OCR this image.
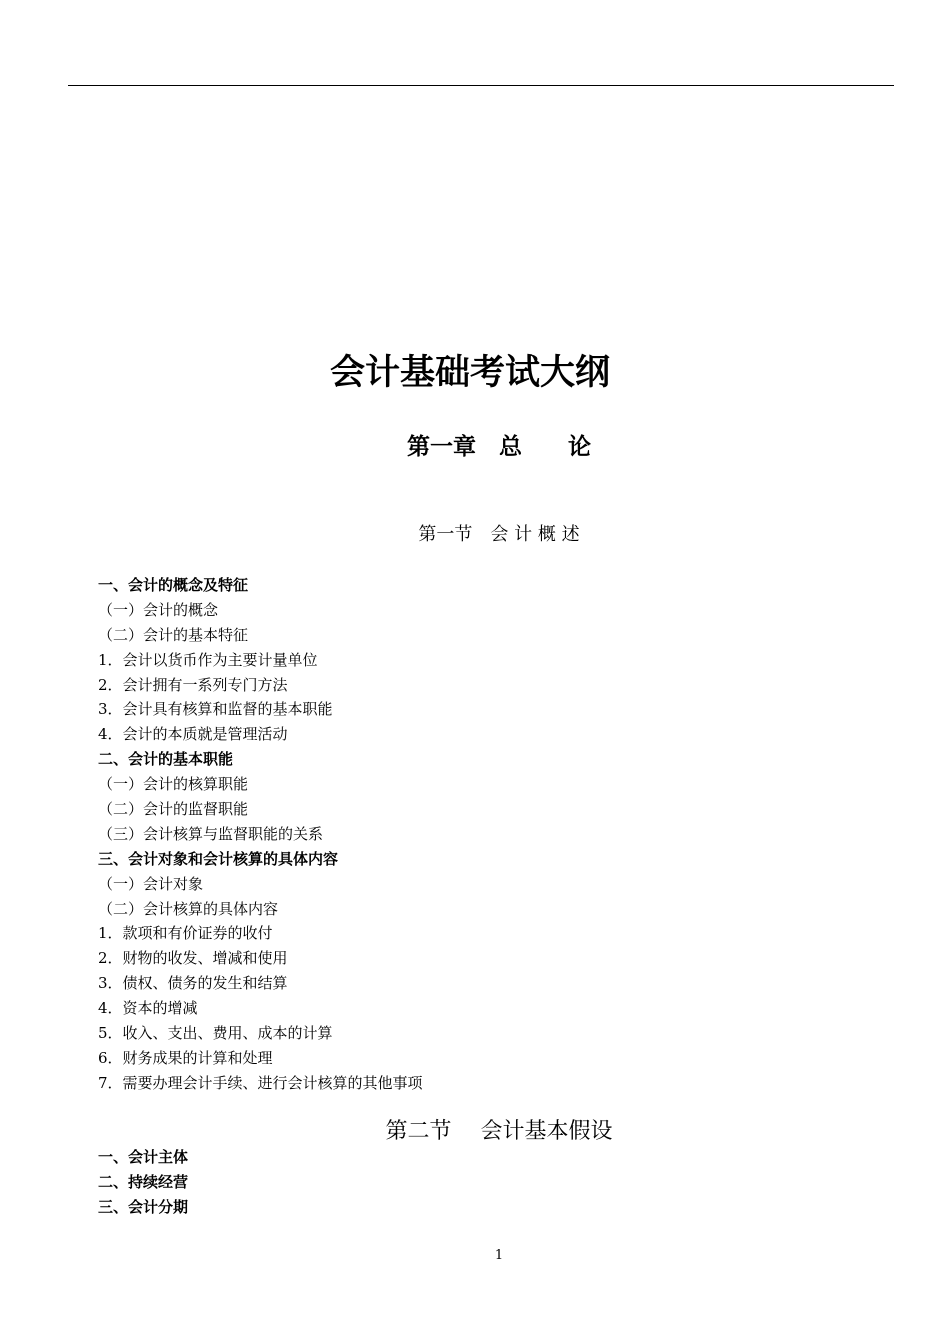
会计基础考试大纲
第一章　总　　论
第一节　会 计 概 述
一、会计的概念及特征
（一）会计的概念
（二）会计的基本特征
1．会计以货币作为主要计量单位
2．会计拥有一系列专门方法
3．会计具有核算和监督的基本职能
4．会计的本质就是管理活动
二、会计的基本职能
（一）会计的核算职能
（二）会计的监督职能
（三）会计核算与监督职能的关系
三、会计对象和会计核算的具体内容
（一）会计对象
（二）会计核算的具体内容
1．款项和有价证券的收付
2．财物的收发、增减和使用
3．债权、债务的发生和结算
4．资本的增减
5．收入、支出、费用、成本的计算
6．财务成果的计算和处理
7．需要办理会计手续、进行会计核算的其他事项
第二节　 会计基本假设
一、会计主体
二、持续经营
三、会计分期
1
